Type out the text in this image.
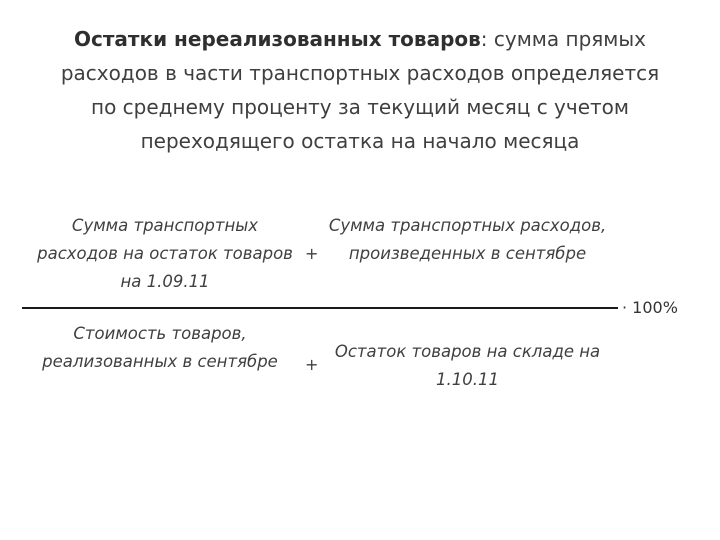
Остатки нереализованных товаров: сумма прямых расходов в части транспортных расходов определяется по среднему проценту за текущий месяц с учетом переходящего остатка на начало месяца
Сумма транспортных расходов на остаток товаров на 1.09.11
+
Сумма транспортных расходов, произведенных в сентябре
· 100%
Стоимость товаров, реализованных в сентябре	+
Остаток товаров на складе на 1.10.11
